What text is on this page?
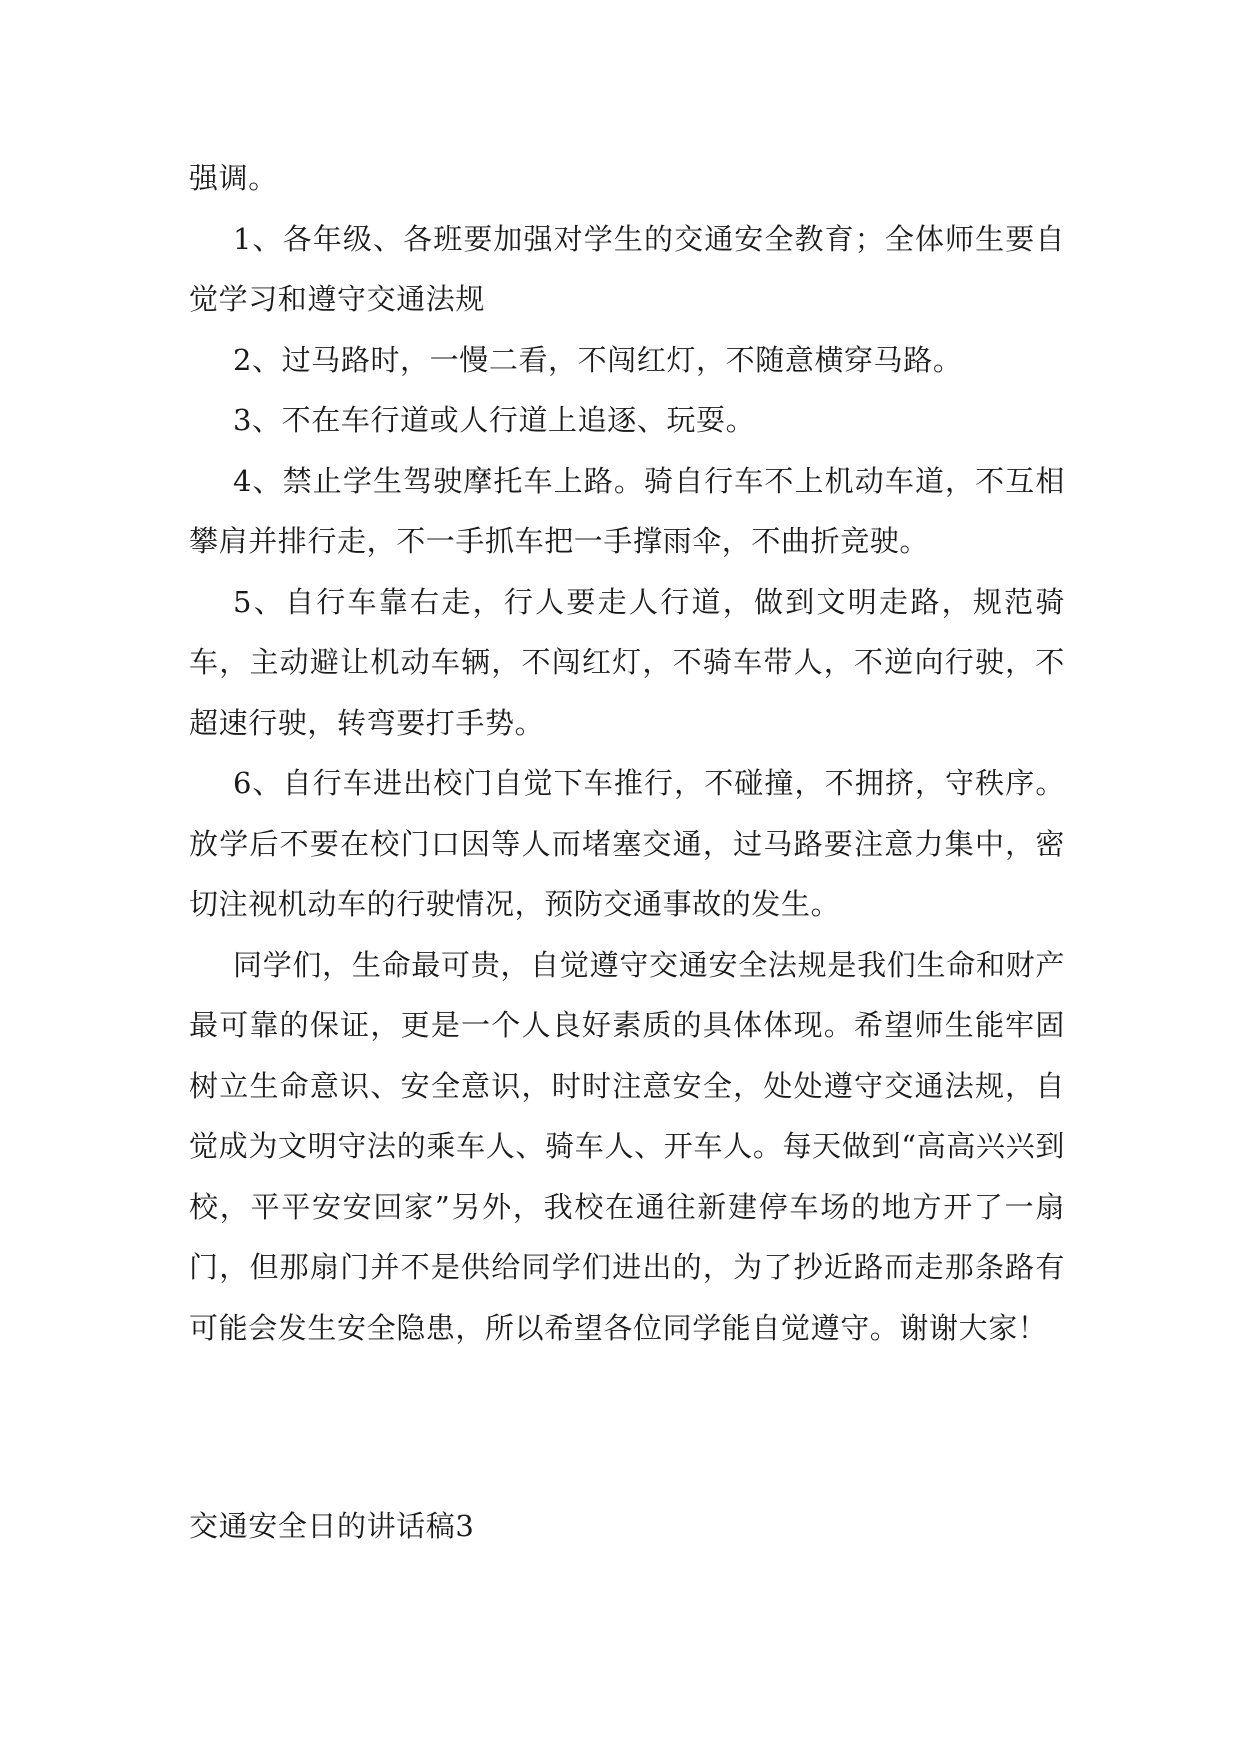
强调。

1、各年级、各班要加强对学生的交通安全教育；全体师生要自觉学习和遵守交通法规

2、过马路时，一慢二看，不闯红灯，不随意横穿马路。

3、不在车行道或人行道上追逐、玩耍。

4、禁止学生驾驶摩托车上路。骑自行车不上机动车道，不互相攀肩并排行走，不一手抓车把一手撑雨伞，不曲折竞驶。

5、自行车靠右走，行人要走人行道，做到文明走路，规范骑车，主动避让机动车辆，不闯红灯，不骑车带人，不逆向行驶，不超速行驶，转弯要打手势。

6、自行车进出校门自觉下车推行，不碰撞，不拥挤，守秩序。放学后不要在校门口因等人而堵塞交通，过马路要注意力集中，密切注视机动车的行驶情况，预防交通事故的发生。

同学们，生命最可贵，自觉遵守交通安全法规是我们生命和财产最可靠的保证，更是一个人良好素质的具体体现。希望师生能牢固树立生命意识、安全意识，时时注意安全，处处遵守交通法规，自觉成为文明守法的乘车人、骑车人、开车人。每天做到“高高兴兴到校，平平安安回家”另外，我校在通往新建停车场的地方开了一扇门，但那扇门并不是供给同学们进出的，为了抄近路而走那条路有可能会发生安全隐患，所以希望各位同学能自觉遵守。谢谢大家！

交通安全日的讲话稿3
